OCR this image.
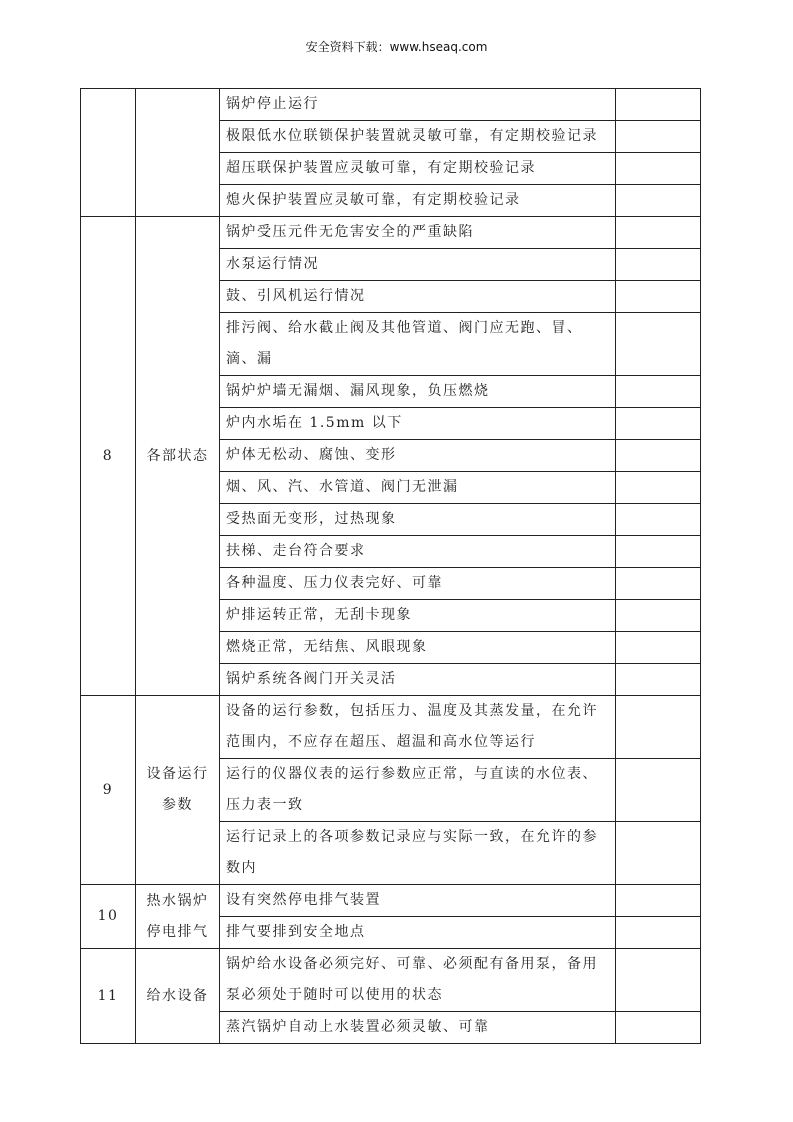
安全资料下载：www.hseaq.com
		锅炉停止运行	
		极限低水位联锁保护装置就灵敏可靠，有定期校验记录	
		超压联保护装置应灵敏可靠，有定期校验记录	
		熄火保护装置应灵敏可靠，有定期校验记录	
8	各部状态	锅炉受压元件无危害安全的严重缺陷	
		水泵运行情况	
		鼓、引风机运行情况	
		排污阀、给水截止阀及其他管道、阀门应无跑、冒、滴、漏	
		锅炉炉墙无漏烟、漏风现象，负压燃烧	
		炉内水垢在 1.5mm 以下	
		炉体无松动、腐蚀、变形	
		烟、风、汽、水管道、阀门无泄漏	
		受热面无变形，过热现象	
		扶梯、走台符合要求	
		各种温度、压力仪表完好、可靠	
		炉排运转正常，无刮卡现象	
		燃烧正常，无结焦、风眼现象	
		锅炉系统各阀门开关灵活	
9	设备运行参数	设备的运行参数，包括压力、温度及其蒸发量，在允许范围内，不应存在超压、超温和高水位等运行	
		运行的仪器仪表的运行参数应正常，与直读的水位表、压力表一致	
		运行记录上的各项参数记录应与实际一致，在允许的参数内	
10	热水锅炉停电排气	设有突然停电排气装置	
		排气要排到安全地点	
11	给水设备	锅炉给水设备必须完好、可靠、必须配有备用泵，备用泵必须处于随时可以使用的状态	
		蒸汽锅炉自动上水装置必须灵敏、可靠	
